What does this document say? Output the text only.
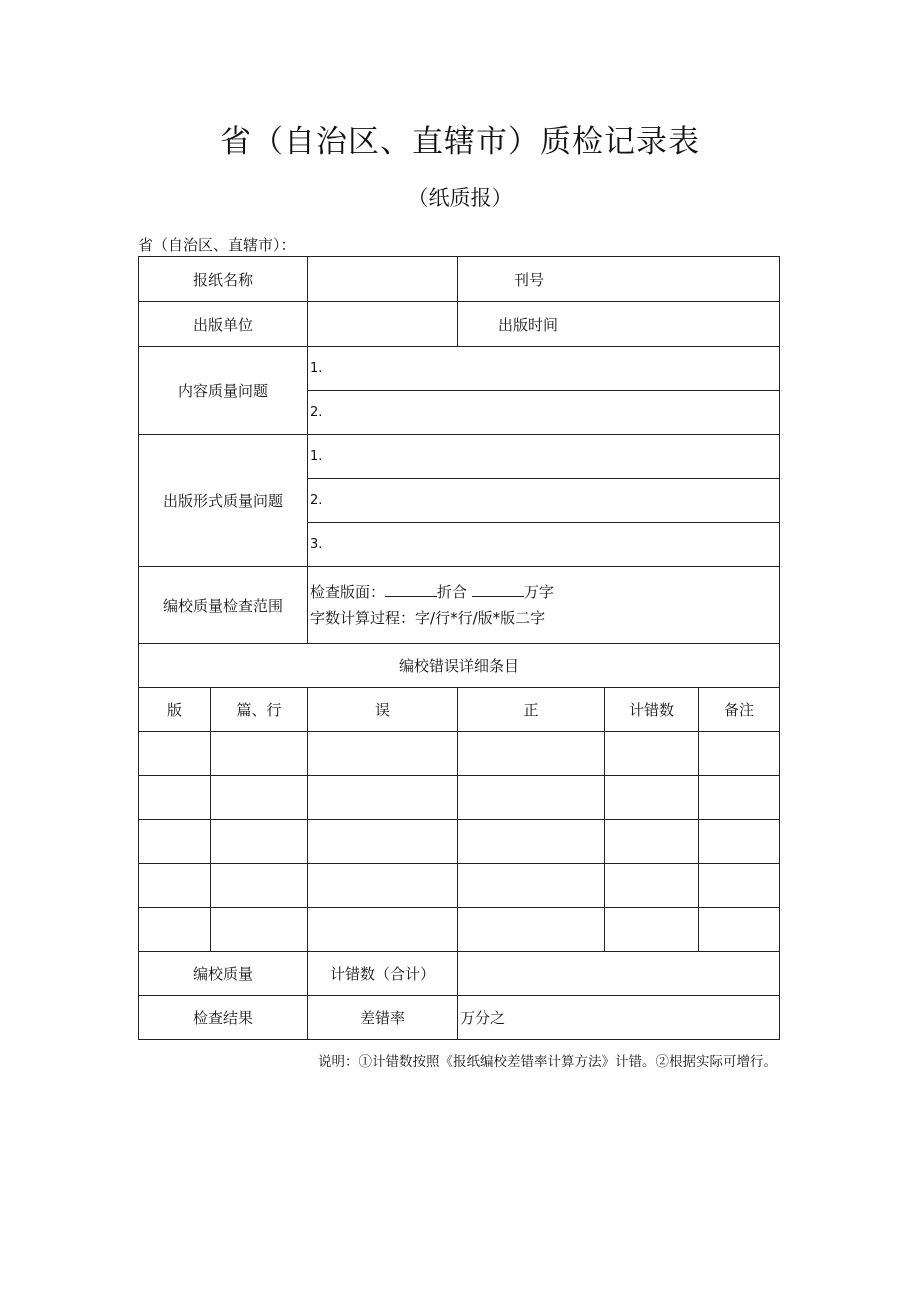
省（自治区、直辖市）质检记录表
（纸质报）
省（自治区、直辖市）：
报纸名称			刊号		
出版单位			出版时间		
内容质量问题		1.			
		2.			
出版形式质量问题		1.			
		2.			
		3.			
编校质量检查范围		检查版面： 折合 万字
字数计算过程：字/行*行/版*版二字			

编校错误详细条目					
版	篇、行	误	正	计错数	备注

编校质量		计错数（合计）			
检查结果		差错率	万分之		
说明：①计错数按照《报纸编校差错率计算方法》计错。②根据实际可增行。
